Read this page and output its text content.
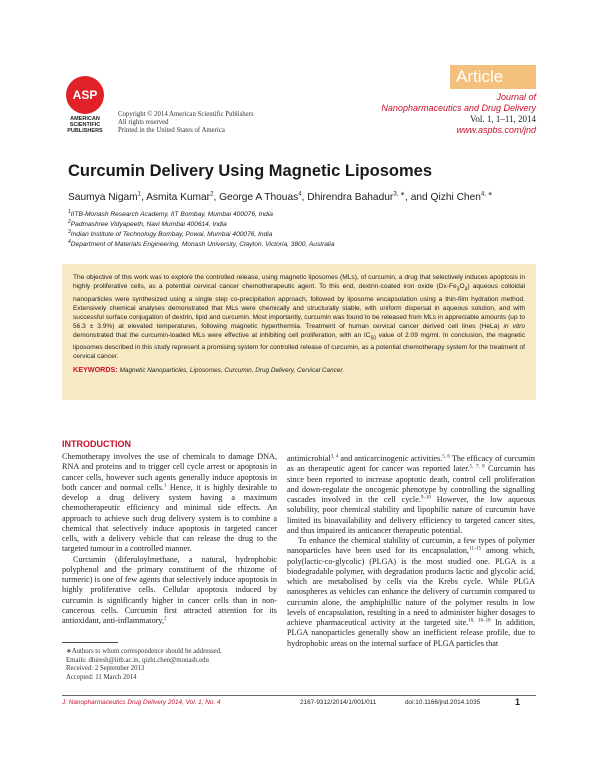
ASP
AMERICAN
SCIENTIFIC
PUBLISHERS
Copyright © 2014 American Scientific Publishers
All rights reserved
Printed in the United States of America
Article
Journal of
Nanopharmaceutics and Drug Delivery
Vol. 1, 1–11, 2014
www.aspbs.com/jnd
Curcumin Delivery Using Magnetic Liposomes
Saumya Nigam$^1$, Asmita Kumar$^2$, George A Thouas$^4$, Dhirendra Bahadur$^{3, ∗}$, and Qizhi Chen$^{4, ∗}$
$^1$IITB-Monash Research Academy, IIT Bombay, Mumbai 400076, India
$^2$Padmashree Vidyapeeth, Navi Mumbai 400614, India
$^3$Indian Institute of Technology Bombay, Powai, Mumbai 400076, India
$^4$Department of Materials Engineering, Monash University, Clayton, Victoria, 3800, Australia
The objective of this work was to explore the controlled release, using magnetic liposomes (MLs), of curcumin, a drug that selectively induces apoptosis in highly proliferative cells, as a potential cervical cancer chemotherapeutic agent. To this end, dextrin-coated iron oxide $(Dx-Fe_3O_4)$ aqueous colloidal nanoparticles were synthesized using a single step co-precipitation approach, followed by liposome encapsulation using a thin-film hydration method. Extensively chemical analyses demonstrated that MLs were chemically and structurally stable, with uniform dispersal in aqueous solution, and with successful surface conjugation of dextrin, lipid and curcumin. Most importantly, curcumin was found to be released from MLs in appreciable amounts (up to 56.3 ± 3.9%) at elevated temperatures, following magnetic hyperthermia. Treatment of human cervical cancer derived cell lines (HeLa) in vitro demonstrated that the curcumin-loaded MLs were effective at inhibiting cell proliferation, with an $IC_{50}$ value of 2.09 mg/ml. In conclusion, the magnetic liposomes described in this study represent a promising system for controlled release of curcumin, as a potential chemotherapy system for the treatment of cervical cancer.
KEYWORDS: Magnetic Nanoparticles, Liposomes, Curcumin, Drug Delivery, Cervical Cancer.
INTRODUCTION

Chemotherapy involves the use of chemicals to damage DNA, RNA and proteins and to trigger cell cycle arrest or apoptosis in cancer cells, however such agents generally induce apoptosis in both cancer and normal cells.$^1$ Hence, it is highly desirable to develop a drug delivery system having a maximum chemotherapeutic efficiency and minimal side effects. An approach to achieve such drug delivery system is to combine a chemical that selectively induce apoptosis in targeted cancer cells, with a delivery vehicle that can release the drug to the targeted tumour in a controlled manner.

Curcumin (diferuloylmethane, a natural, hydrophobic polyphenol and the primary constituent of the rhizome of turmeric) is one of few agents that selectively induce apoptosis in highly proliferative cells. Cellular apoptosis induced by curcumin is significantly higher in cancer cells than in non-cancerous cells. Curcumin first attracted attention for its antioxidant, anti-inflammatory,$^2$

antimicrobial$^{3, 4}$ and anticarcinogenic activities.$^{5, 6}$ The efficacy of curcumin as an therapeutic agent for cancer was reported later.$^{5, 7, 8}$ Curcumin has since been reported to increase apoptotic death, control cell proliferation and down-regulate the oncogenic phenotype by controlling the signalling cascades involved in the cell cycle.$^{9-10}$ However, the low aqueous solubility, poor chemical stability and lipophilic nature of curcumin have limited its bioavailability and delivery efficiency to targeted cancer sites, and thus impaired its anticancer therapeutic potential.

To enhance the chemical stability of curcumin, a few types of polymer nanoparticles have been used for its encapsulation,$^{11-15}$ among which, poly(lactic-co-glycolic) (PLGA) is the most studied one. PLGA is a biodegradable polymer, with degradation products lactic and glycolic acid, which are metabolised by cells via the Krebs cycle. While PLGA nanospheres as vehicles can enhance the delivery of curcumin compared to curcumin alone, the amphiphillic nature of the polymer results in low levels of encapsulation, resulting in a need to administer higher dosages to achieve pharmaceutical activity at the targeted site.$^{16, 16-18}$ In addition, PLGA nanoparticles generally show an inefficient release profile, due to hydrophobic areas on the internal surface of PLGA particles that

∗Authors to whom correspondence should be addressed.
Emails: dhiresh@iitb.ac.in, qizhi.chen@monash.edu
Received: 2 September 2013
Accepted: 11 March 2014
J. Nanopharmaceutics Drug Delivery 2014, Vol. 1, No. 4	2167-9312/2014/1/001/011	doi:10.1166/jnd.2014.1035	1
